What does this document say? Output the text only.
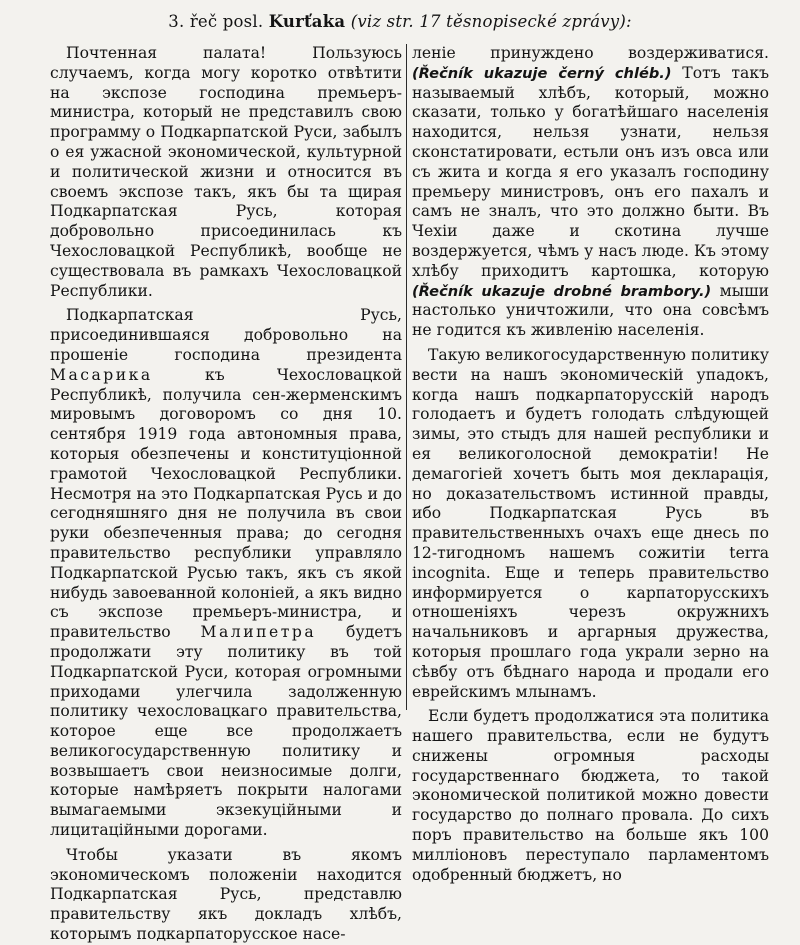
3. řeč posl. Kurťaka (viz str. 17 těsnopisecké zprávy):

Почтенная палата! Пользуюсь случаемъ, когда могу коротко отвѣтити на экспозе господина премьеръ-министра, который не представилъ свою программу о Подкарпатской Руси, забылъ о ея ужасной экономической, культурной и политической жизни и относится въ своемъ экспозе такъ, якъ бы та щирая Подкарпатская Русь, которая добровольно присоединилась къ Чехословацкой Республикѣ, вообще не существовала въ рамкахъ Чехословацкой Республики.

Подкарпатская Русь, присоединившаяся добровольно на прошеніе господина президента Масарика къ Чехословацкой Республикѣ, получила сен-жерменскимъ мировымъ договоромъ со дня 10. сентября 1919 года автономныя права, которыя обезпечены и конституціонной грамотой Чехословацкой Республики. Несмотря на это Подкарпатская Русь и до сегодняшняго дня не получила въ свои руки обезпеченныя права; до сегодня правительство республики управляло Подкарпатской Русью такъ, якъ съ якой нибудь завоеванной колоніей, а якъ видно съ экспозе премьеръ-министра, и правительство Малипетра будетъ продолжати эту политику въ той Подкарпатской Руси, которая огромными приходами улегчила задолженную политику чехословацкаго правительства, которое еще все продолжаетъ великогосударственную политику и возвышаетъ свои неизносимые долги, которые намѣряетъ покрыти налогами вымагаемыми экзекуційными и лицитаційными дорогами.

Чтобы указати въ якомъ экономическомъ положеніи находится Подкарпатская Русь, представлю правительству якъ докладъ хлѣбъ, которымъ подкарпаторусское насе-

леніе принуждено воздерживатися. (Řečník ukazuje černý chléb.) Тотъ такъ называемый хлѣбъ, который, можно сказати, только у богатѣйшаго населенія находится, нельзя узнати, нельзя сконстатировати, естьли онъ изъ овса или съ жита и когда я его указалъ господину премьеру министровъ, онъ его пахалъ и самъ не зналъ, что это должно быти. Въ Чехіи даже и скотина лучше воздержуется, чѣмъ у насъ люде. Къ этому хлѣбу приходитъ картошка, которую (Řečník ukazuje drobné brambory.) мыши настолько уничтожили, что она совсѣмъ не годится къ живленію населенія.

Такую великогосударственную политику вести на нашъ экономическій упадокъ, когда нашъ подкарпаторусскій народъ голодаетъ и будетъ голодать слѣдующей зимы, это стыдъ для нашей республики и ея великоголосной демократіи! Не демагогіей хочетъ быть моя декларація, но доказательствомъ истинной правды, ибо Подкарпатская Русь въ правительственныхъ очахъ еще днесь по 12-тигодномъ нашемъ сожитіи terra incognita. Еще и теперь правительство информируется о карпаторусскихъ отношеніяхъ черезъ окружнихъ начальниковъ и аргарныя дружества, которыя прошлаго года украли зерно на сѣвбу отъ бѣднаго народа и продали его еврейскимъ млынамъ.

Если будетъ продолжатися эта политика нашего правительства, если не будутъ снижены огромныя расходы государственнаго бюджета, то такой экономической политикой можно довести государство до полнаго провала. До сихъ поръ правительство на больше якъ 100 милліоновъ переступало парламентомъ одобренный бюджетъ, но
